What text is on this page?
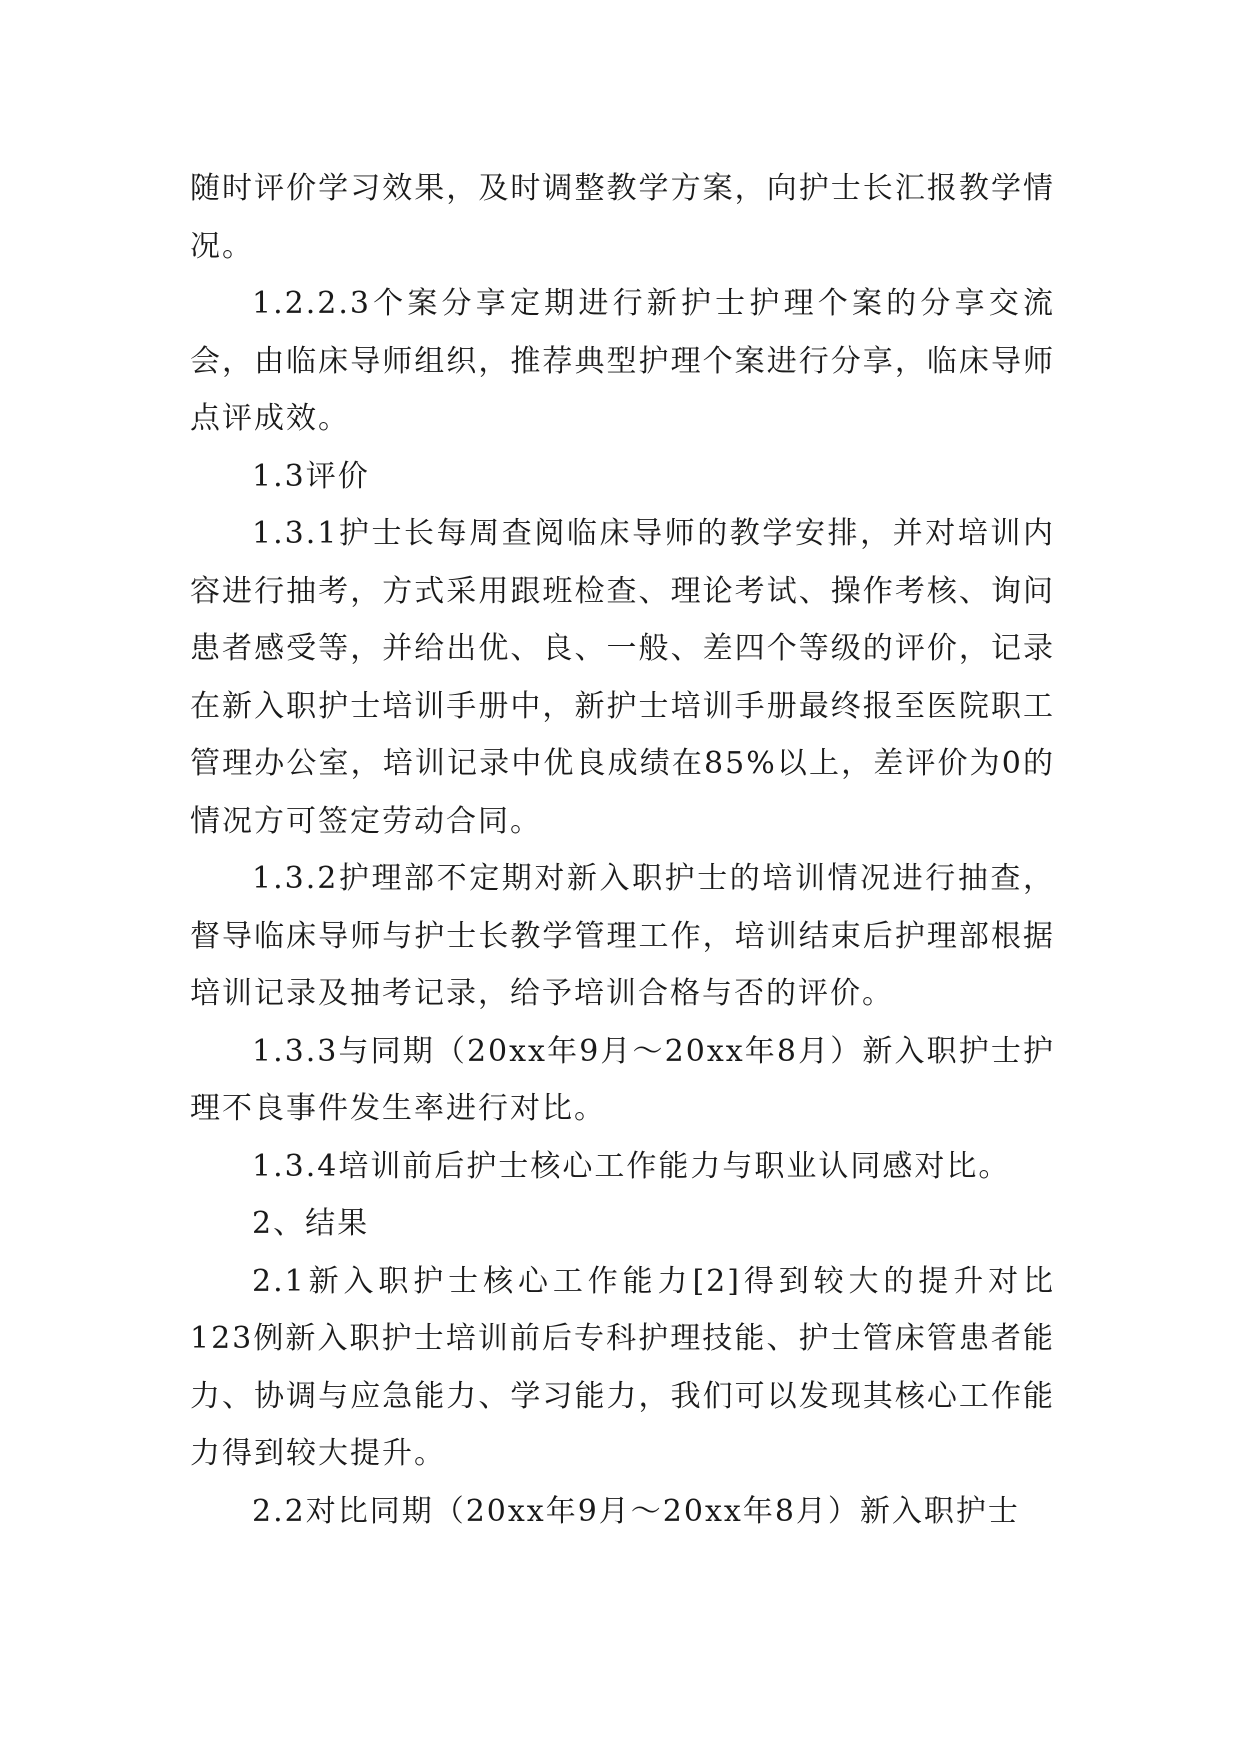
随时评价学习效果，及时调整教学方案，向护士长汇报教学情况。

1.2.2.3个案分享定期进行新护士护理个案的分享交流会，由临床导师组织，推荐典型护理个案进行分享，临床导师点评成效。

1.3评价

1.3.1护士长每周查阅临床导师的教学安排，并对培训内容进行抽考，方式采用跟班检查、理论考试、操作考核、询问患者感受等，并给出优、良、一般、差四个等级的评价，记录在新入职护士培训手册中，新护士培训手册最终报至医院职工管理办公室，培训记录中优良成绩在85%以上，差评价为0的情况方可签定劳动合同。

1.3.2护理部不定期对新入职护士的培训情况进行抽查，督导临床导师与护士长教学管理工作，培训结束后护理部根据培训记录及抽考记录，给予培训合格与否的评价。

1.3.3与同期（20xx年9月～20xx年8月）新入职护士护理不良事件发生率进行对比。

1.3.4培训前后护士核心工作能力与职业认同感对比。

2、结果

2.1新入职护士核心工作能力[2]得到较大的提升对比123例新入职护士培训前后专科护理技能、护士管床管患者能力、协调与应急能力、学习能力，我们可以发现其核心工作能力得到较大提升。

2.2对比同期（20xx年9月～20xx年8月）新入职护士
